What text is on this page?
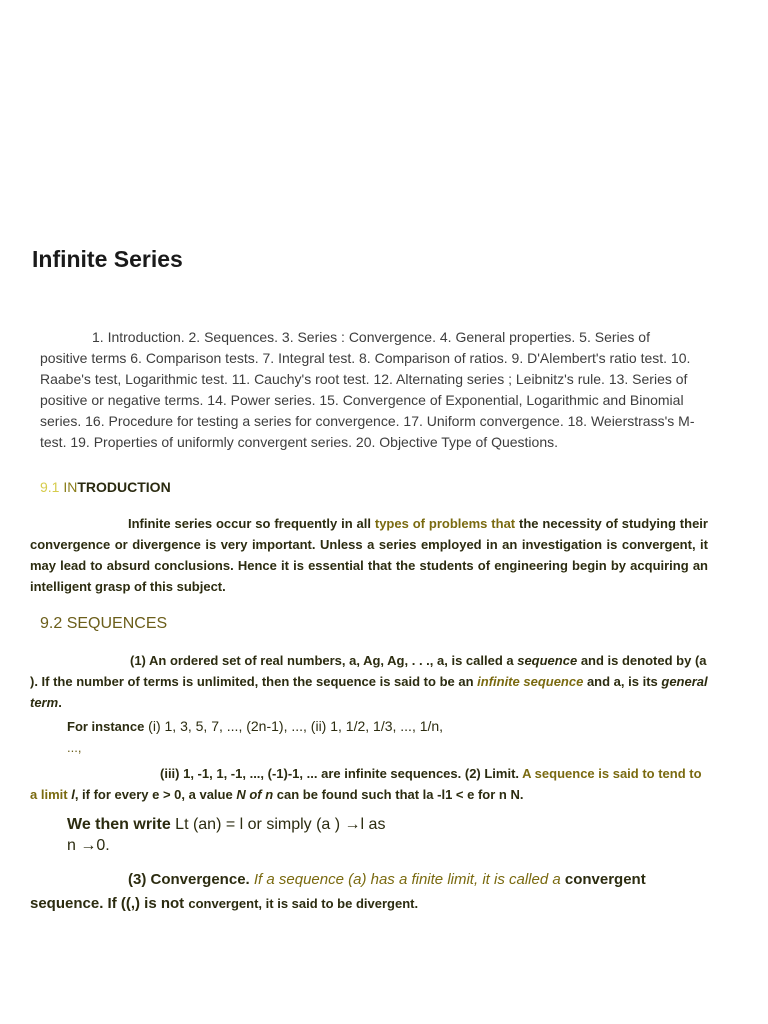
Infinite Series
1. Introduction. 2. Sequences. 3. Series : Convergence. 4. General properties. 5. Series of positive terms 6. Comparison tests. 7. Integral test. 8. Comparison of ratios. 9. D'Alembert's ratio test. 10. Raabe's test, Logarithmic test. 11. Cauchy's root test. 12. Alternating series ; Leibnitz's rule. 13. Series of positive or negative terms. 14. Power series. 15. Convergence of Exponential, Logarithmic and Binomial series. 16. Procedure for testing a series for convergence. 17. Uniform convergence. 18. Weierstrass's M-test. 19. Properties of uniformly convergent series. 20. Objective Type of Questions.
9.1 INTRODUCTION

Infinite series occur so frequently in all types of problems that the necessity of studying their convergence or divergence is very important. Unless a series employed in an investigation is convergent, it may lead to absurd conclusions. Hence it is essential that the students of engineering begin by acquiring an intelligent grasp of this subject.

9.2 SEQUENCES

(1) An ordered set of real numbers, a, Ag, Ag, . . ., a, is called a sequence and is denoted by (a ). If the number of terms is unlimited, then the sequence is said to be an infinite sequence and a, is its general term.

For instance (i) 1, 3, 5, 7, ..., (2n-1), ..., (ii) 1, 1/2, 1/3, ..., 1/n,
...,

(iii) 1, -1, 1, -1, ..., (-1)-1, ... are infinite sequences. (2) Limit. A sequence is said to tend to a limit l, if for every e > 0, a value N of n can be found such that la -l1 < e for n N.

We then write Lt (an) = l or simply (a ) →l as
n →0.

(3) Convergence. If a sequence (a) has a finite limit, it is called a convergent sequence. If ((,) is not convergent, it is said to be divergent.
